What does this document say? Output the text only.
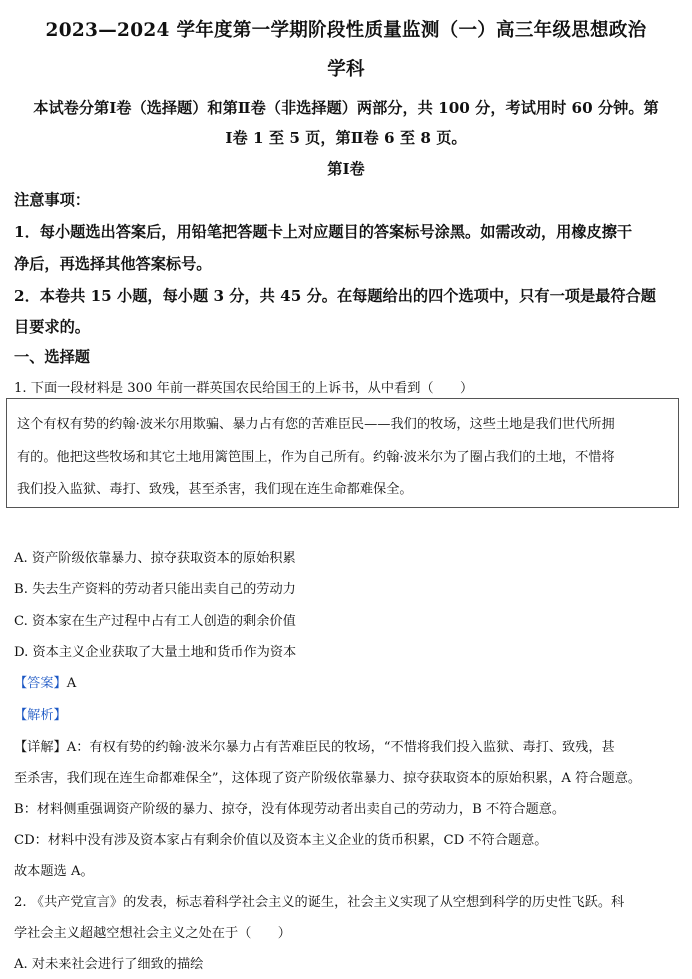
2023—2024 学年度第一学期阶段性质量监测（一）高三年级思想政治
学科
本试卷分第Ⅰ卷（选择题）和第Ⅱ卷（非选择题）两部分，共 100 分，考试用时 60 分钟。第
Ⅰ卷 1 至 5 页，第Ⅱ卷 6 至 8 页。
第Ⅰ卷
注意事项：
1．每小题选出答案后，用铅笔把答题卡上对应题目的答案标号涂黑。如需改动，用橡皮擦干
净后，再选择其他答案标号。
2．本卷共 15 小题，每小题 3 分，共 45 分。在每题给出的四个选项中，只有一项是最符合题
目要求的。
一、选择题
1. 下面一段材料是 300 年前一群英国农民给国王的上诉书，从中看到（　　）
这个有权有势的约翰·波米尔用欺骗、暴力占有您的苦难臣民——我们的牧场，这些土地是我们世代所拥
有的。他把这些牧场和其它土地用篱笆围上，作为自己所有。约翰·波米尔为了圈占我们的土地，不惜将
我们投入监狱、毒打、致残，甚至杀害，我们现在连生命都难保全。
A. 资产阶级依靠暴力、掠夺获取资本的原始积累
B. 失去生产资料的劳动者只能出卖自己的劳动力
C. 资本家在生产过程中占有工人创造的剩余价值
D. 资本主义企业获取了大量土地和货币作为资本
【答案】A
【解析】
【详解】A：有权有势的约翰·波米尔暴力占有苦难臣民的牧场，“不惜将我们投入监狱、毒打、致残，甚
至杀害，我们现在连生命都难保全”，这体现了资产阶级依靠暴力、掠夺获取资本的原始积累，A 符合题意。
B：材料侧重强调资产阶级的暴力、掠夺，没有体现劳动者出卖自己的劳动力，B 不符合题意。
CD：材料中没有涉及资本家占有剩余价值以及资本主义企业的货币积累，CD 不符合题意。
故本题选 A。
2. 《共产党宣言》的发表，标志着科学社会主义的诞生，社会主义实现了从空想到科学的历史性飞跃。科
学社会主义超越空想社会主义之处在于（　　）
A. 对未来社会进行了细致的描绘
